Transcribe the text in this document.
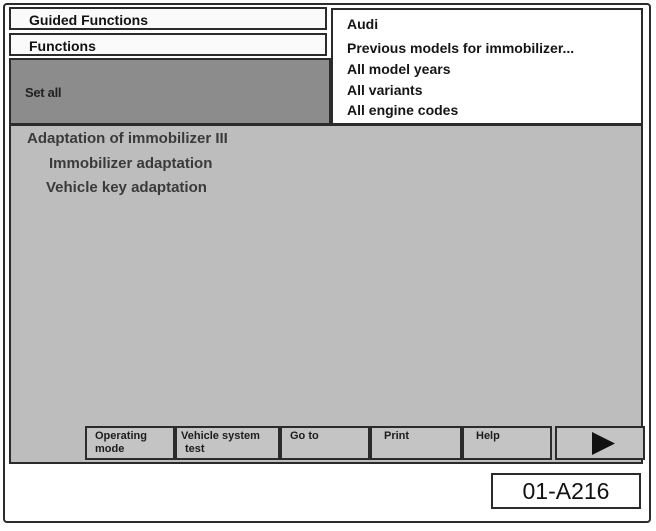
Guided Functions
Functions
Set all
Audi
Previous models for immobilizer...
All model years
All variants
All engine codes
Adaptation of immobilizer III
Immobilizer adaptation
Vehicle key adaptation
Operating
mode
Vehicle system
test
Go to	Print	Help
01-A216
